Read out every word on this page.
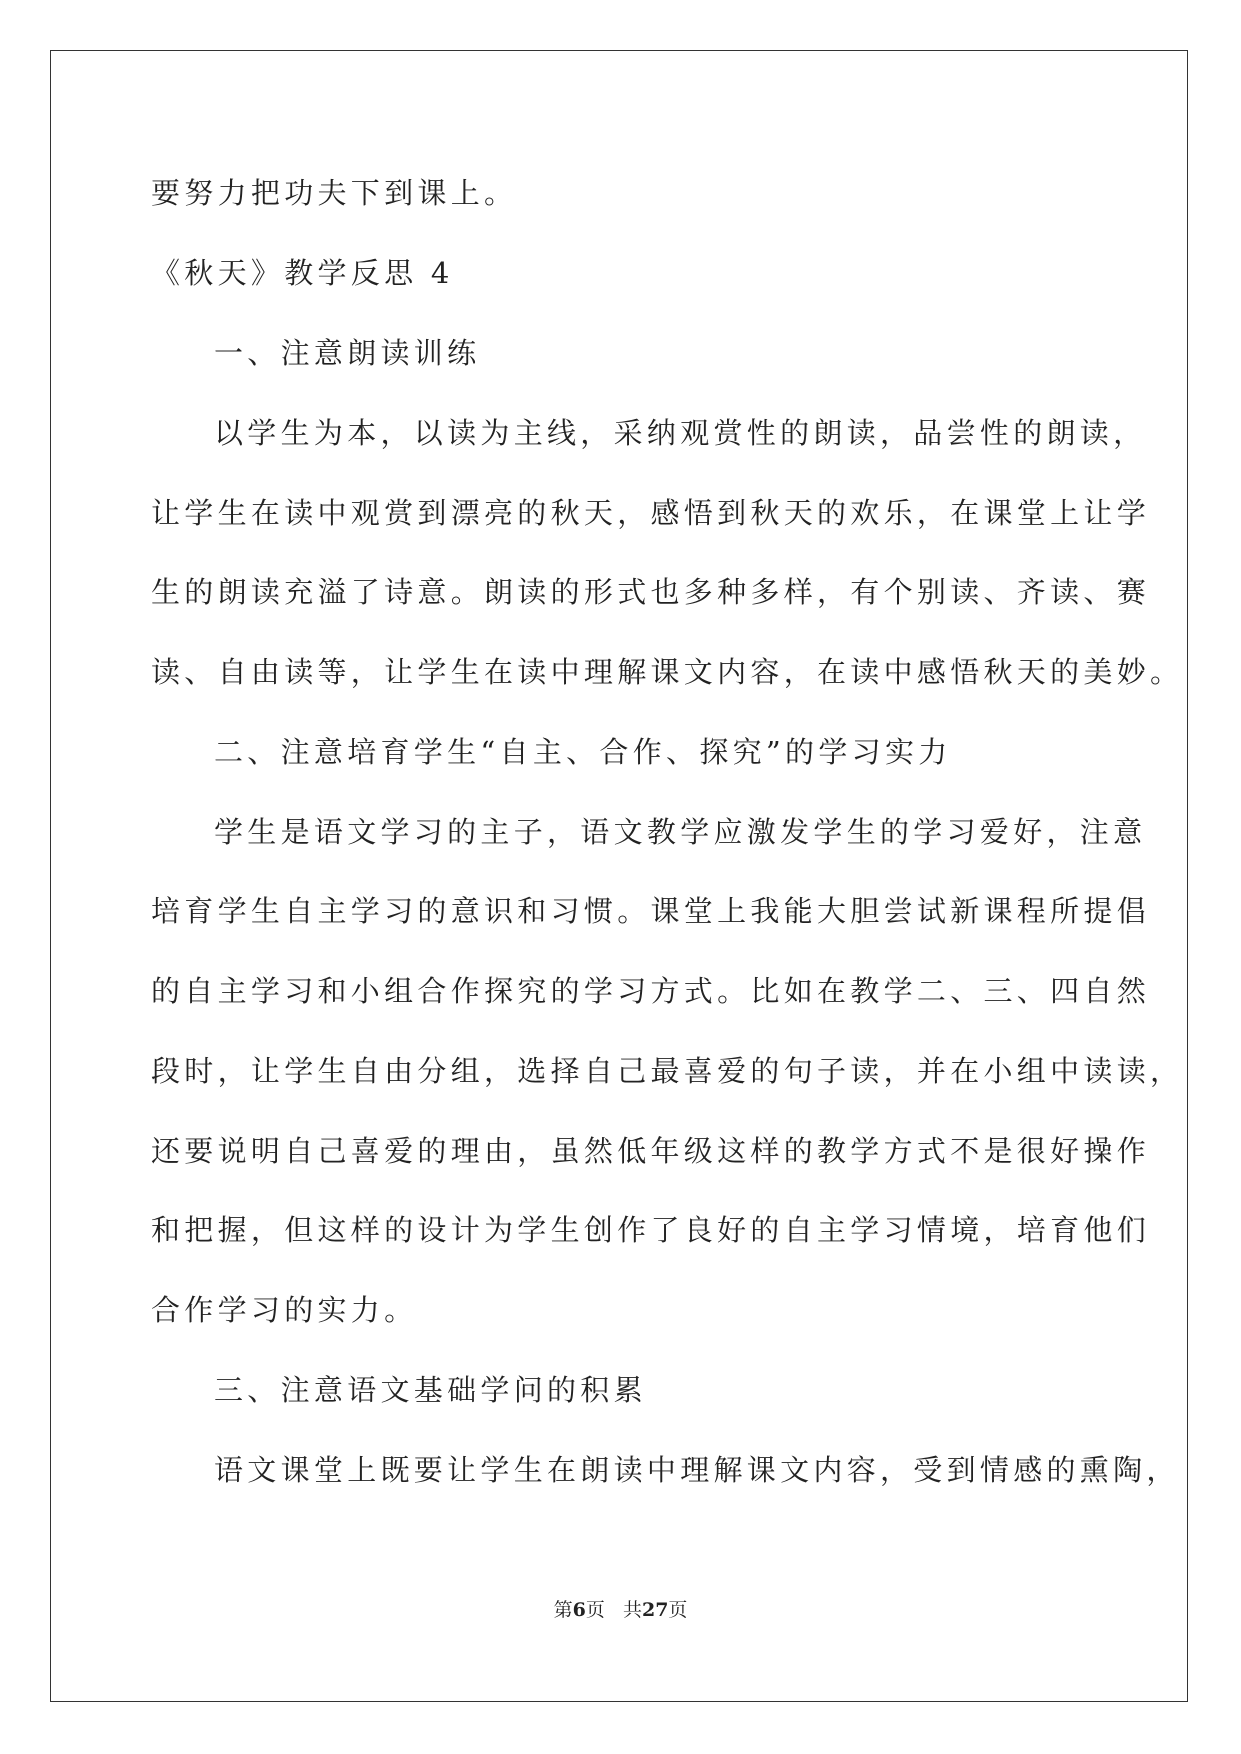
要努力把功夫下到课上。
《秋天》教学反思 4
一、注意朗读训练
以学生为本，以读为主线，采纳观赏性的朗读，品尝性的朗读，
让学生在读中观赏到漂亮的秋天，感悟到秋天的欢乐，在课堂上让学
生的朗读充溢了诗意。朗读的形式也多种多样，有个别读、齐读、赛
读、自由读等，让学生在读中理解课文内容，在读中感悟秋天的美妙。
二、注意培育学生“自主、合作、探究”的学习实力
学生是语文学习的主子，语文教学应激发学生的学习爱好，注意
培育学生自主学习的意识和习惯。课堂上我能大胆尝试新课程所提倡
的自主学习和小组合作探究的学习方式。比如在教学二、三、四自然
段时，让学生自由分组，选择自己最喜爱的句子读，并在小组中读读，
还要说明自己喜爱的理由，虽然低年级这样的教学方式不是很好操作
和把握，但这样的设计为学生创作了良好的自主学习情境，培育他们
合作学习的实力。
三、注意语文基础学问的积累
语文课堂上既要让学生在朗读中理解课文内容，受到情感的熏陶，
第6页 共27页
